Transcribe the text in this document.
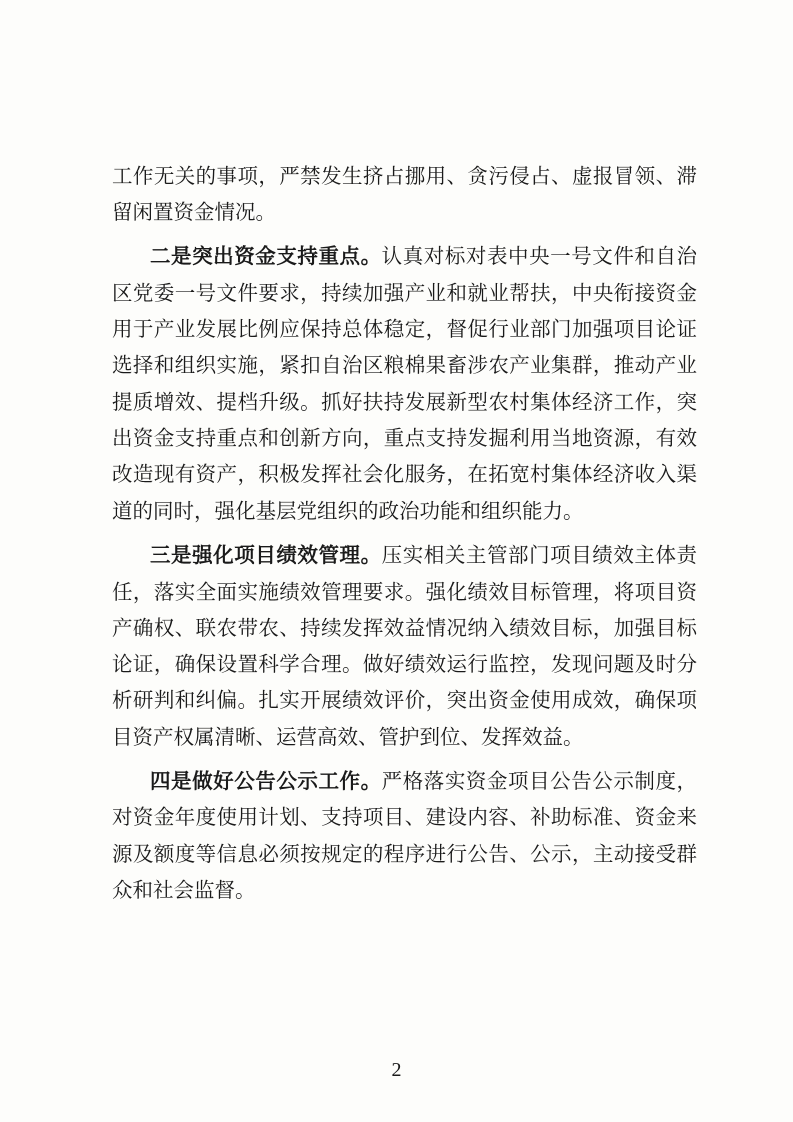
工作无关的事项，严禁发生挤占挪用、贪污侵占、虚报冒领、滞
留闲置资金情况。
二是突出资金支持重点。认真对标对表中央一号文件和自治
区党委一号文件要求，持续加强产业和就业帮扶，中央衔接资金
用于产业发展比例应保持总体稳定，督促行业部门加强项目论证
选择和组织实施，紧扣自治区粮棉果畜涉农产业集群，推动产业
提质增效、提档升级。抓好扶持发展新型农村集体经济工作，突
出资金支持重点和创新方向，重点支持发掘利用当地资源，有效
改造现有资产，积极发挥社会化服务，在拓宽村集体经济收入渠
道的同时，强化基层党组织的政治功能和组织能力。
三是强化项目绩效管理。压实相关主管部门项目绩效主体责
任，落实全面实施绩效管理要求。强化绩效目标管理，将项目资
产确权、联农带农、持续发挥效益情况纳入绩效目标，加强目标
论证，确保设置科学合理。做好绩效运行监控，发现问题及时分
析研判和纠偏。扎实开展绩效评价，突出资金使用成效，确保项
目资产权属清晰、运营高效、管护到位、发挥效益。
四是做好公告公示工作。严格落实资金项目公告公示制度，
对资金年度使用计划、支持项目、建设内容、补助标准、资金来
源及额度等信息必须按规定的程序进行公告、公示，主动接受群
众和社会监督。
2
